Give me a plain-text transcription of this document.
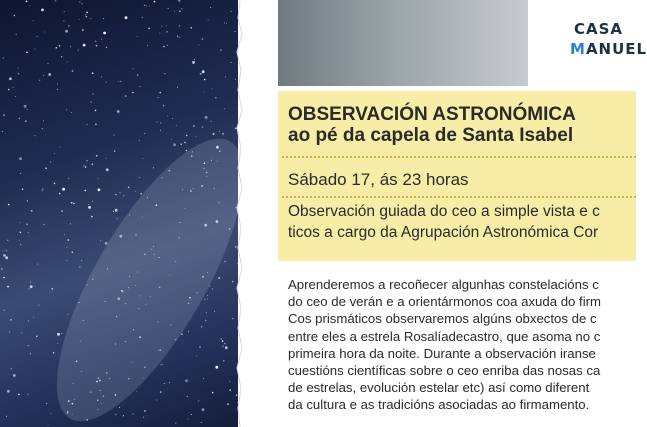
CASA
MANUEL
OBSERVACIÓN ASTRONÓMICA
ao pé da capela de Santa Isabel
Sábado 17, ás 23 horas
Observación guiada do ceo a simple vista e c
ticos a cargo da Agrupación Astronómica Cor
Aprenderemos a recoñecer algunhas constelacións c
do ceo de verán e a orientármonos coa axuda do firm
Cos prismáticos observaremos algúns obxectos de c
entre eles a estrela Rosalíadecastro, que asoma no c
primeira hora da noite. Durante a observación iranse
cuestións científicas sobre o ceo enriba das nosas ca
de estrelas, evolución estelar etc) así como diferent
da cultura e as tradicións asociadas ao firmamento.
